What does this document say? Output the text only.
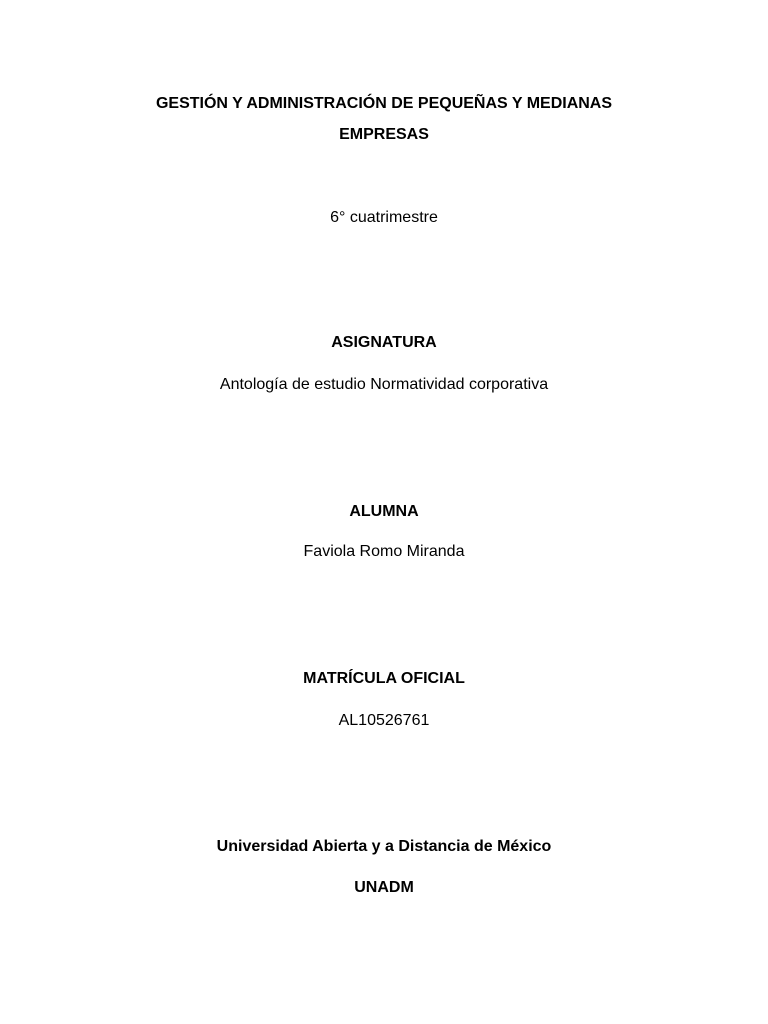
GESTIÓN Y ADMINISTRACIÓN DE PEQUEÑAS Y MEDIANAS
EMPRESAS
6° cuatrimestre
ASIGNATURA
Antología de estudio Normatividad corporativa
ALUMNA
Faviola Romo Miranda
MATRÍCULA OFICIAL
AL10526761
Universidad Abierta y a Distancia de México
UNADM
